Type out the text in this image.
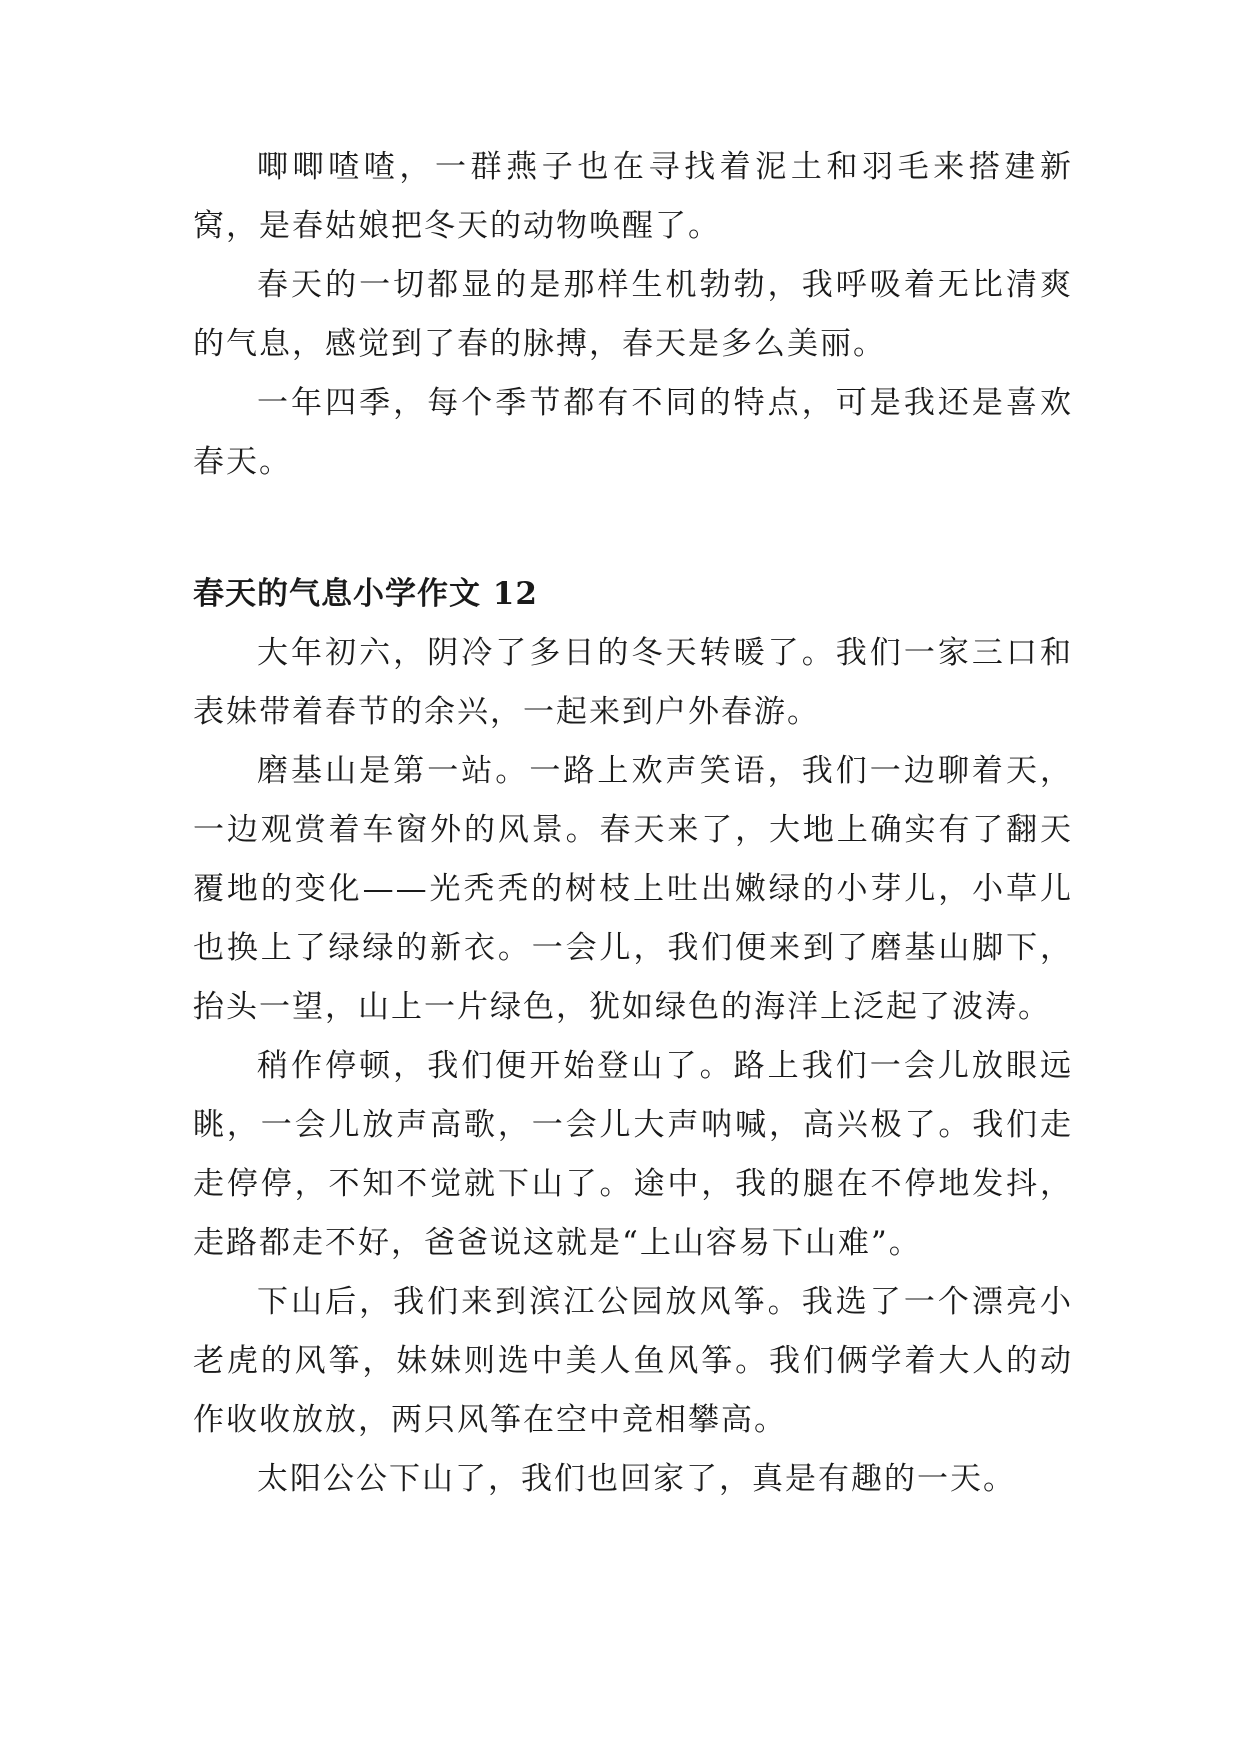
唧唧喳喳，一群燕子也在寻找着泥土和羽毛来搭建新窝，是春姑娘把冬天的动物唤醒了。

春天的一切都显的是那样生机勃勃，我呼吸着无比清爽的气息，感觉到了春的脉搏，春天是多么美丽。

一年四季，每个季节都有不同的特点，可是我还是喜欢春天。

春天的气息小学作文 12

大年初六，阴冷了多日的冬天转暖了。我们一家三口和表妹带着春节的余兴，一起来到户外春游。

磨基山是第一站。一路上欢声笑语，我们一边聊着天，一边观赏着车窗外的风景。春天来了，大地上确实有了翻天覆地的变化——光秃秃的树枝上吐出嫩绿的小芽儿，小草儿也换上了绿绿的新衣。一会儿，我们便来到了磨基山脚下，抬头一望，山上一片绿色，犹如绿色的海洋上泛起了波涛。

稍作停顿，我们便开始登山了。路上我们一会儿放眼远眺，一会儿放声高歌，一会儿大声呐喊，高兴极了。我们走走停停，不知不觉就下山了。途中，我的腿在不停地发抖，走路都走不好，爸爸说这就是“上山容易下山难”。

下山后，我们来到滨江公园放风筝。我选了一个漂亮小老虎的风筝，妹妹则选中美人鱼风筝。我们俩学着大人的动作收收放放，两只风筝在空中竞相攀高。

太阳公公下山了，我们也回家了，真是有趣的一天。
